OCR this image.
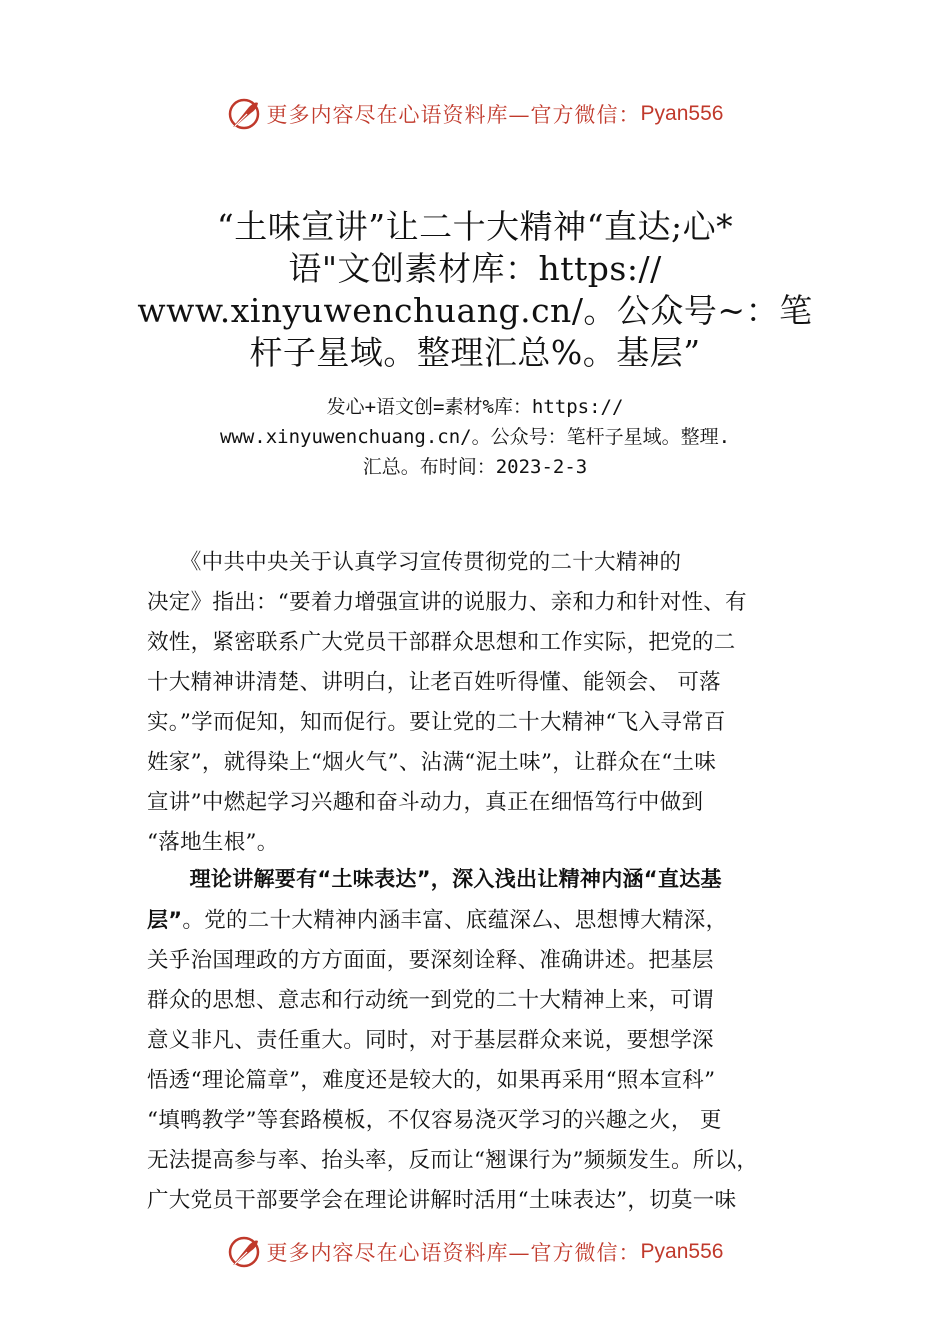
更多内容尽在心语资料库—官方微信： Pyan556
“土味宣讲”让二十大精神“直达;心*
语"文创素材库：https://
www.xinyuwenchuang.cn/。公众号~：笔
杆子星域。整理汇总%。基层”
发心+语文创=素材%库：https://
www.xinyuwenchuang.cn/。公众号：笔杆子星域。整理.
汇总。布时间：2023-2-3
　　《中共中央关于认真学习宣传贯彻党的二十大精神的
决定》指出：“要着力增强宣讲的说服力、亲和力和针对性、有
效性，紧密联系广大党员干部群众思想和工作实际，把党的二
十大精神讲清楚、讲明白，让老百姓听得懂、能领会、 可落
实。”学而促知，知而促行。要让党的二十大精神“飞入寻常百
姓家”，就得染上“烟火气”、沾满“泥土味”，让群众在“土味
宣讲”中燃起学习兴趣和奋斗动力，真正在细悟笃行中做到
“落地生根”。
　　理论讲解要有“土味表达”，深入浅出让精神内涵“直达基
层”。党的二十大精神内涵丰富、底蕴深厶、思想博大精深，
关乎治国理政的方方面面，要深刻诠释、准确讲述。把基层
群众的思想、意志和行动统一到党的二十大精神上来，可谓
意义非凡、责任重大。同时，对于基层群众来说，要想学深
悟透“理论篇章”，难度还是较大的，如果再采用“照本宣科”
“填鸭教学”等套路模板，不仅容易浇灭学习的兴趣之火， 更
无法提高参与率、抬头率，反而让“翘课行为”频频发生。所以，
广大党员干部要学会在理论讲解时活用“土味表达”，切莫一味
更多内容尽在心语资料库—官方微信： Pyan556
